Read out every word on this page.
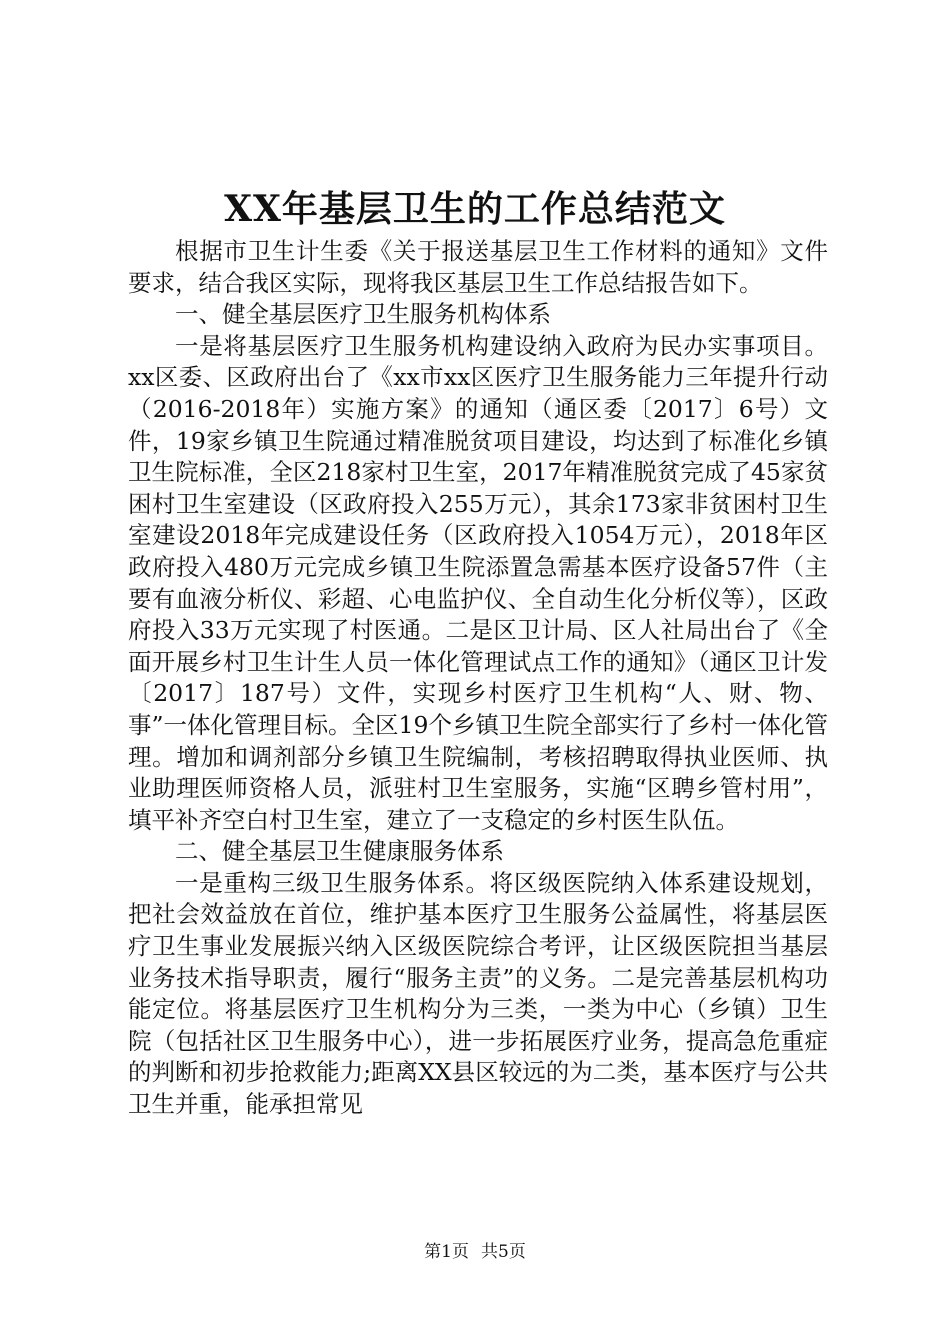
XX年基层卫生的工作总结范文

根据市卫生计生委《关于报送基层卫生工作材料的通知》文件要求，结合我区实际，现将我区基层卫生工作总结报告如下。

一、健全基层医疗卫生服务机构体系

一是将基层医疗卫生服务机构建设纳入政府为民办实事项目。xx区委、区政府出台了《xx市xx区医疗卫生服务能力三年提升行动（2016-2018年）实施方案》的通知（通区委〔2017〕6号）文件，19家乡镇卫生院通过精准脱贫项目建设，均达到了标准化乡镇卫生院标准，全区218家村卫生室，2017年精准脱贫完成了45家贫困村卫生室建设（区政府投入255万元），其余173家非贫困村卫生室建设2018年完成建设任务（区政府投入1054万元），2018年区政府投入480万元完成乡镇卫生院添置急需基本医疗设备57件（主要有血液分析仪、彩超、心电监护仪、全自动生化分析仪等），区政府投入33万元实现了村医通。二是区卫计局、区人社局出台了《全面开展乡村卫生计生人员一体化管理试点工作的通知》（通区卫计发〔2017〕187号）文件，实现乡村医疗卫生机构“人、财、物、事”一体化管理目标。全区19个乡镇卫生院全部实行了乡村一体化管理。增加和调剂部分乡镇卫生院编制，考核招聘取得执业医师、执业助理医师资格人员，派驻村卫生室服务，实施“区聘乡管村用”，填平补齐空白村卫生室，建立了一支稳定的乡村医生队伍。

二、健全基层卫生健康服务体系

一是重构三级卫生服务体系。将区级医院纳入体系建设规划，把社会效益放在首位，维护基本医疗卫生服务公益属性，将基层医疗卫生事业发展振兴纳入区级医院综合考评，让区级医院担当基层业务技术指导职责，履行“服务主责”的义务。二是完善基层机构功能定位。将基层医疗卫生机构分为三类，一类为中心（乡镇）卫生院（包括社区卫生服务中心），进一步拓展医疗业务，提高急危重症的判断和初步抢救能力;距离XX县区较远的为二类，基本医疗与公共卫生并重，能承担常见

第1页 共5页
